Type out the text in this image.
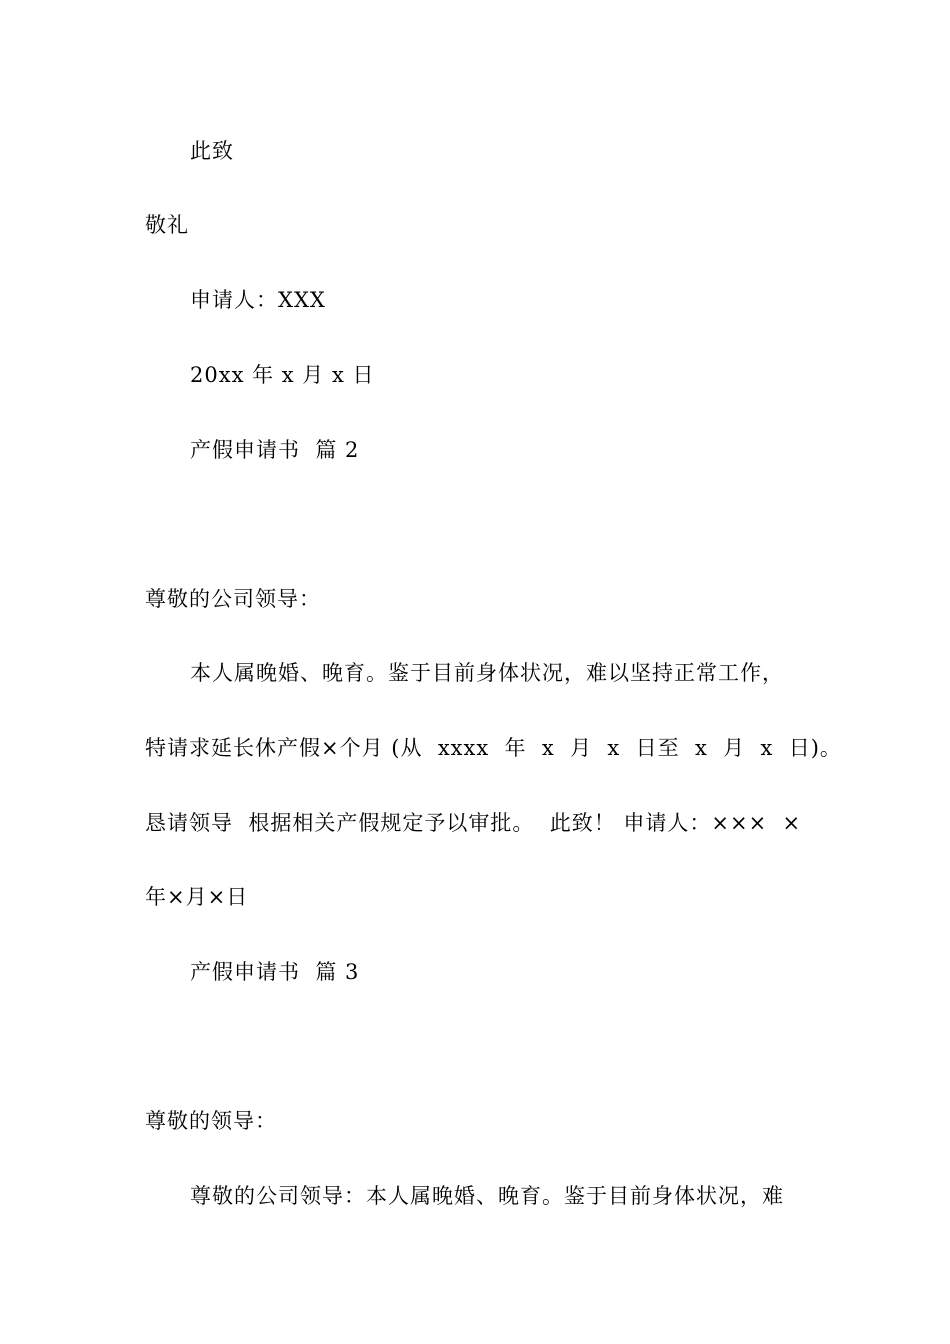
此致
敬礼
申请人：XXX
20xx 年 x 月 x 日
产假申请书  篇 2
尊敬的公司领导：
本人属晚婚、晚育。鉴于目前身体状况，难以坚持正常工作，
特请求延长休产假×个月 (从  xxxx  年  x  月  x  日至  x  月  x  日)。
恳请领导  根据相关产假规定予以审批。  此致！ 申请人：×××  ×
年×月×日
产假申请书  篇 3
尊敬的领导：
尊敬的公司领导：本人属晚婚、晚育。鉴于目前身体状况，难
